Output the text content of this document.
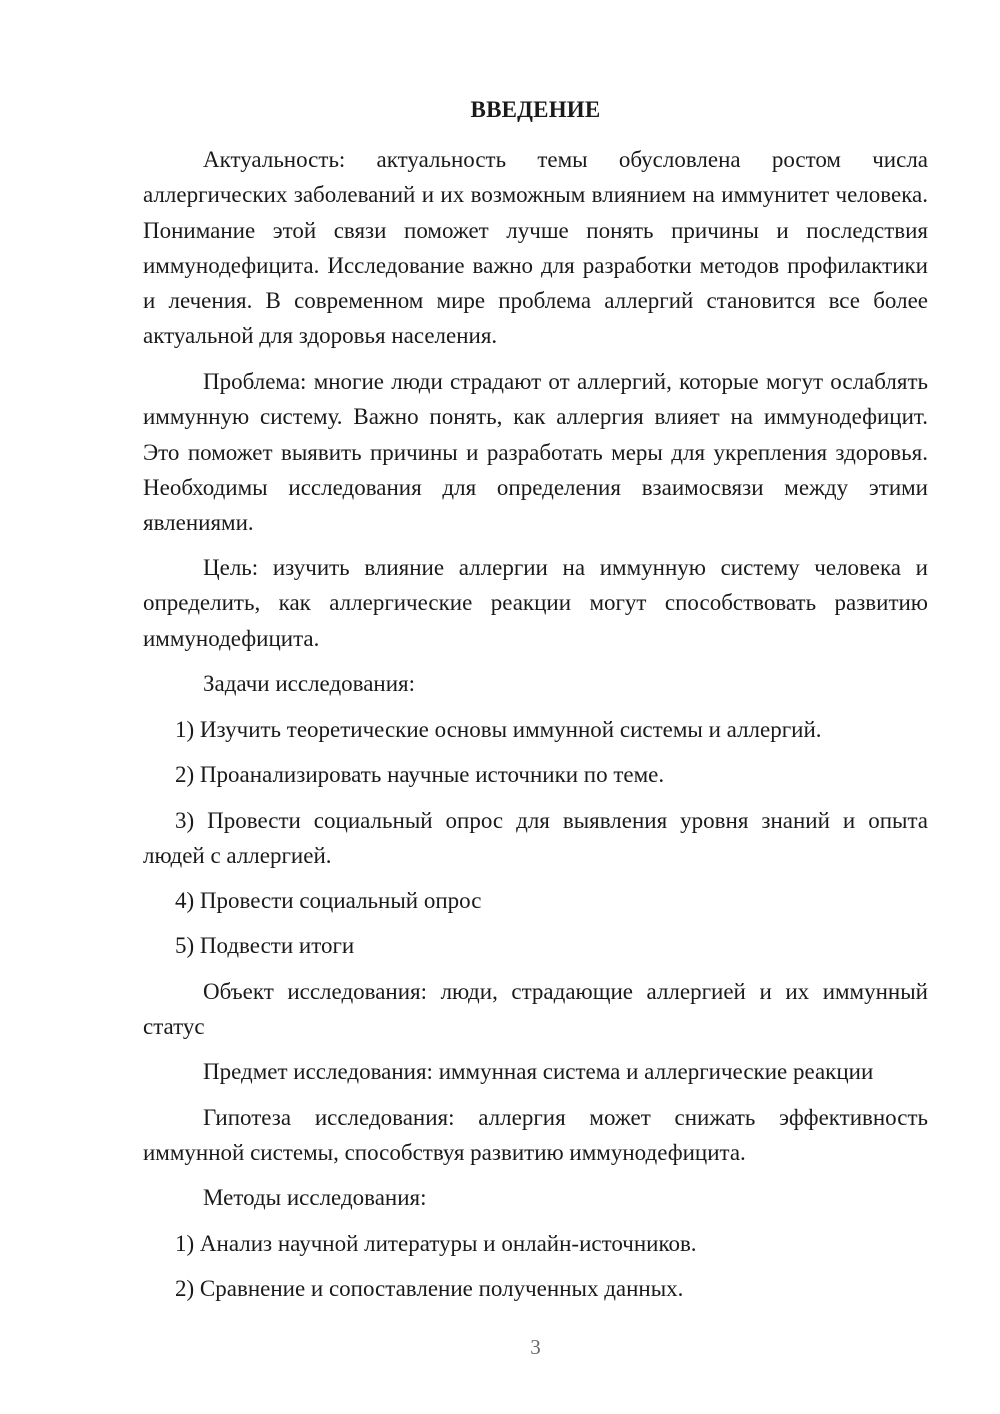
ВВЕДЕНИЕ

Актуальность: актуальность темы обусловлена ростом числа аллергических заболеваний и их возможным влиянием на иммунитет человека. Понимание этой связи поможет лучше понять причины и последствия иммунодефицита. Исследование важно для разработки методов профилактики и лечения. В современном мире проблема аллергий становится все более актуальной для здоровья населения.

Проблема: многие люди страдают от аллергий, которые могут ослаблять иммунную систему. Важно понять, как аллергия влияет на иммунодефицит. Это поможет выявить причины и разработать меры для укрепления здоровья. Необходимы исследования для определения взаимосвязи между этими явлениями.

Цель: изучить влияние аллергии на иммунную систему человека и определить, как аллергические реакции могут способствовать развитию иммунодефицита.

Задачи исследования:

1) Изучить теоретические основы иммунной системы и аллергий.

2) Проанализировать научные источники по теме.

3) Провести социальный опрос для выявления уровня знаний и опыта людей с аллергией.

4) Провести социальный опрос

5) Подвести итоги

Объект исследования: люди, страдающие аллергией и их иммунный статус

Предмет исследования: иммунная система и аллергические реакции

Гипотеза исследования: аллергия может снижать эффективность иммунной системы, способствуя развитию иммунодефицита.

Методы исследования:

1) Анализ научной литературы и онлайн-источников.

2) Сравнение и сопоставление полученных данных.

3
